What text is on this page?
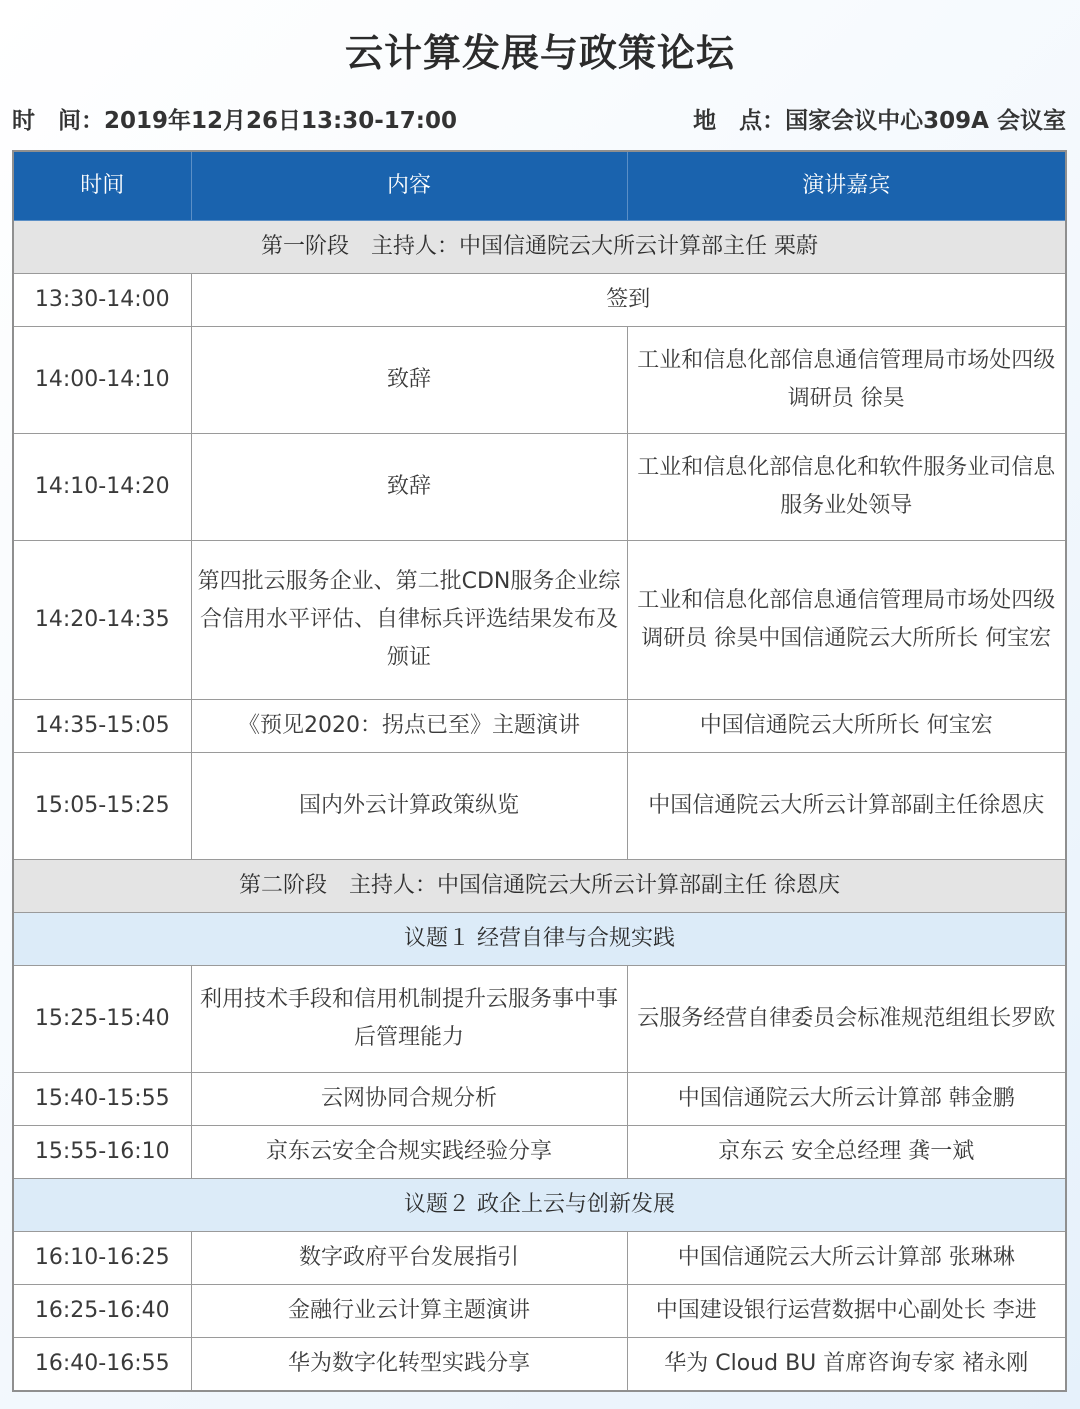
云计算发展与政策论坛
时　间：2019年12月26日13:30-17:00	地　点：国家会议中心309A 会议室
时间	内容	演讲嘉宾
第一阶段　主持人：中国信通院云大所云计算部主任 栗蔚		
13:30-14:00	签到	
14:00-14:10	致辞	工业和信息化部信息通信管理局市场处四级调研员 徐昊
14:10-14:20	致辞	工业和信息化部信息化和软件服务业司信息服务业处领导
14:20-14:35	第四批云服务企业、第二批CDN服务企业综合信用水平评估、自律标兵评选结果发布及颁证	工业和信息化部信息通信管理局市场处四级调研员 徐昊中国信通院云大所所长 何宝宏
14:35-15:05	《预见2020：拐点已至》主题演讲	中国信通院云大所所长 何宝宏
15:05-15:25	国内外云计算政策纵览	中国信通院云大所云计算部副主任徐恩庆
第二阶段　主持人：中国信通院云大所云计算部副主任 徐恩庆		
议题１ 经营自律与合规实践		
15:25-15:40	利用技术手段和信用机制提升云服务事中事后管理能力	云服务经营自律委员会标准规范组组长罗欧
15:40-15:55	云网协同合规分析	中国信通院云大所云计算部 韩金鹏
15:55-16:10	京东云安全合规实践经验分享	京东云 安全总经理 龚一斌
议题２ 政企上云与创新发展		
16:10-16:25	数字政府平台发展指引	中国信通院云大所云计算部 张琳琳
16:25-16:40	金融行业云计算主题演讲	中国建设银行运营数据中心副处长 李进
16:40-16:55	华为数字化转型实践分享	华为 Cloud BU 首席咨询专家 褚永刚
